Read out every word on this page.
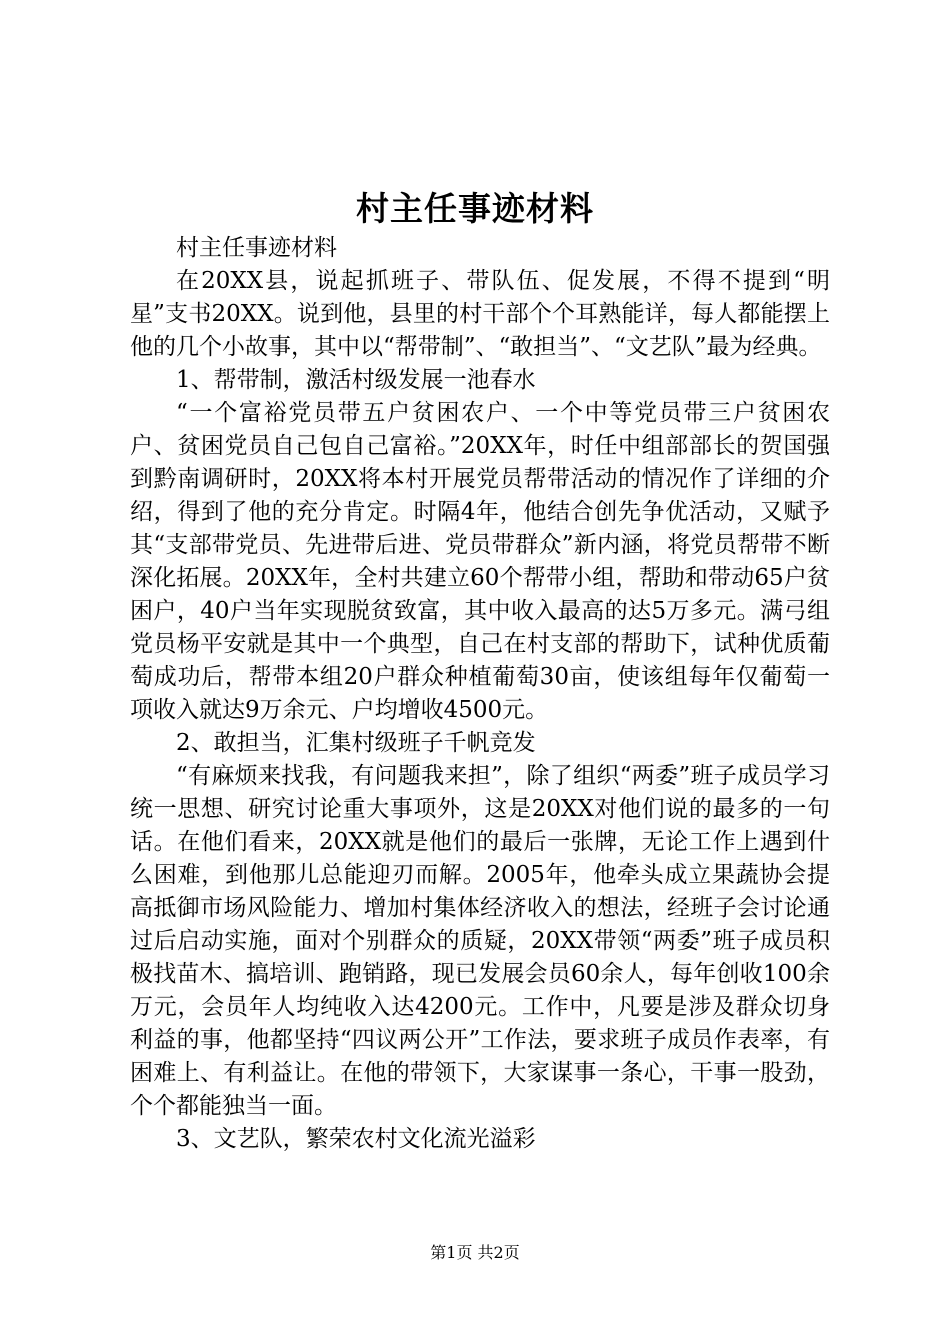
村主任事迹材料

村主任事迹材料

在20XX县，说起抓班子、带队伍、促发展，不得不提到“明星”支书20XX。说到他，县里的村干部个个耳熟能详，每人都能摆上他的几个小故事，其中以“帮带制”、“敢担当”、“文艺队”最为经典。

1、帮带制，激活村级发展一池春水

“一个富裕党员带五户贫困农户、一个中等党员带三户贫困农户、贫困党员自己包自己富裕。”20XX年，时任中组部部长的贺国强到黔南调研时，20XX将本村开展党员帮带活动的情况作了详细的介绍，得到了他的充分肯定。时隔4年，他结合创先争优活动，又赋予其“支部带党员、先进带后进、党员带群众”新内涵，将党员帮带不断深化拓展。20XX年，全村共建立60个帮带小组，帮助和带动65户贫困户，40户当年实现脱贫致富，其中收入最高的达5万多元。满弓组党员杨平安就是其中一个典型，自己在村支部的帮助下，试种优质葡萄成功后，帮带本组20户群众种植葡萄30亩，使该组每年仅葡萄一项收入就达9万余元、户均增收4500元。

2、敢担当，汇集村级班子千帆竞发

“有麻烦来找我，有问题我来担”，除了组织“两委”班子成员学习统一思想、研究讨论重大事项外，这是20XX对他们说的最多的一句话。在他们看来，20XX就是他们的最后一张牌，无论工作上遇到什么困难，到他那儿总能迎刃而解。2005年，他牵头成立果蔬协会提高抵御市场风险能力、增加村集体经济收入的想法，经班子会讨论通过后启动实施，面对个别群众的质疑，20XX带领“两委”班子成员积极找苗木、搞培训、跑销路，现已发展会员60余人，每年创收100余万元，会员年人均纯收入达4200元。工作中，凡要是涉及群众切身利益的事，他都坚持“四议两公开”工作法，要求班子成员作表率，有困难上、有利益让。在他的带领下，大家谋事一条心，干事一股劲，个个都能独当一面。

3、文艺队，繁荣农村文化流光溢彩

第1页 共2页
